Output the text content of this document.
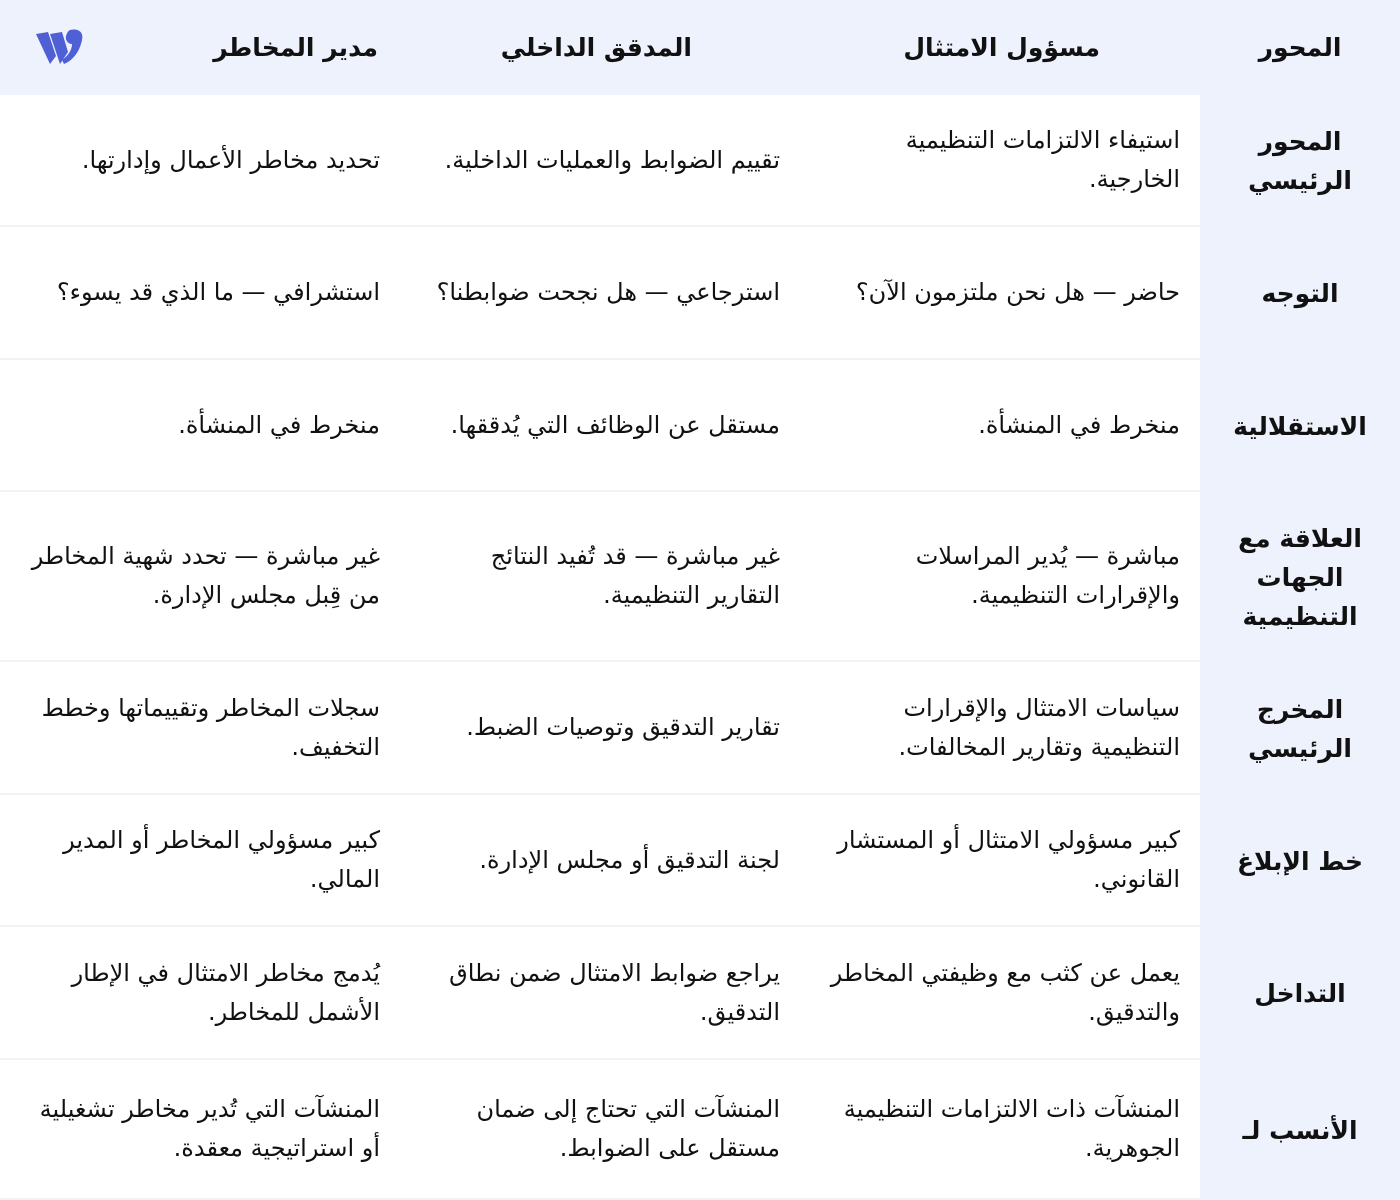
المحور
مسؤول الامتثال
المدقق الداخلي
مدير المخاطر
المحور الرئيسي
استيفاء الالتزامات التنظيمية الخارجية.
تقييم الضوابط والعمليات الداخلية.
تحديد مخاطر الأعمال وإدارتها.
التوجه
حاضر — هل نحن ملتزمون الآن؟
استرجاعي — هل نجحت ضوابطنا؟
استشرافي — ما الذي قد يسوء؟
الاستقلالية
منخرط في المنشأة.
مستقل عن الوظائف التي يُدققها.
منخرط في المنشأة.
العلاقة مع الجهات التنظيمية
مباشرة — يُدير المراسلات والإقرارات التنظيمية.
غير مباشرة — قد تُفيد النتائج التقارير التنظيمية.
غير مباشرة — تحدد شهية المخاطر من قِبل مجلس الإدارة.
المخرج الرئيسي
سياسات الامتثال والإقرارات التنظيمية وتقارير المخالفات.
تقارير التدقيق وتوصيات الضبط.
سجلات المخاطر وتقييماتها وخطط التخفيف.
خط الإبلاغ
كبير مسؤولي الامتثال أو المستشار القانوني.
لجنة التدقيق أو مجلس الإدارة.
كبير مسؤولي المخاطر أو المدير المالي.
التداخل
يعمل عن كثب مع وظيفتي المخاطر والتدقيق.
يراجع ضوابط الامتثال ضمن نطاق التدقيق.
يُدمج مخاطر الامتثال في الإطار الأشمل للمخاطر.
الأنسب لـ
المنشآت ذات الالتزامات التنظيمية الجوهرية.
المنشآت التي تحتاج إلى ضمان مستقل على الضوابط.
المنشآت التي تُدير مخاطر تشغيلية أو استراتيجية معقدة.
